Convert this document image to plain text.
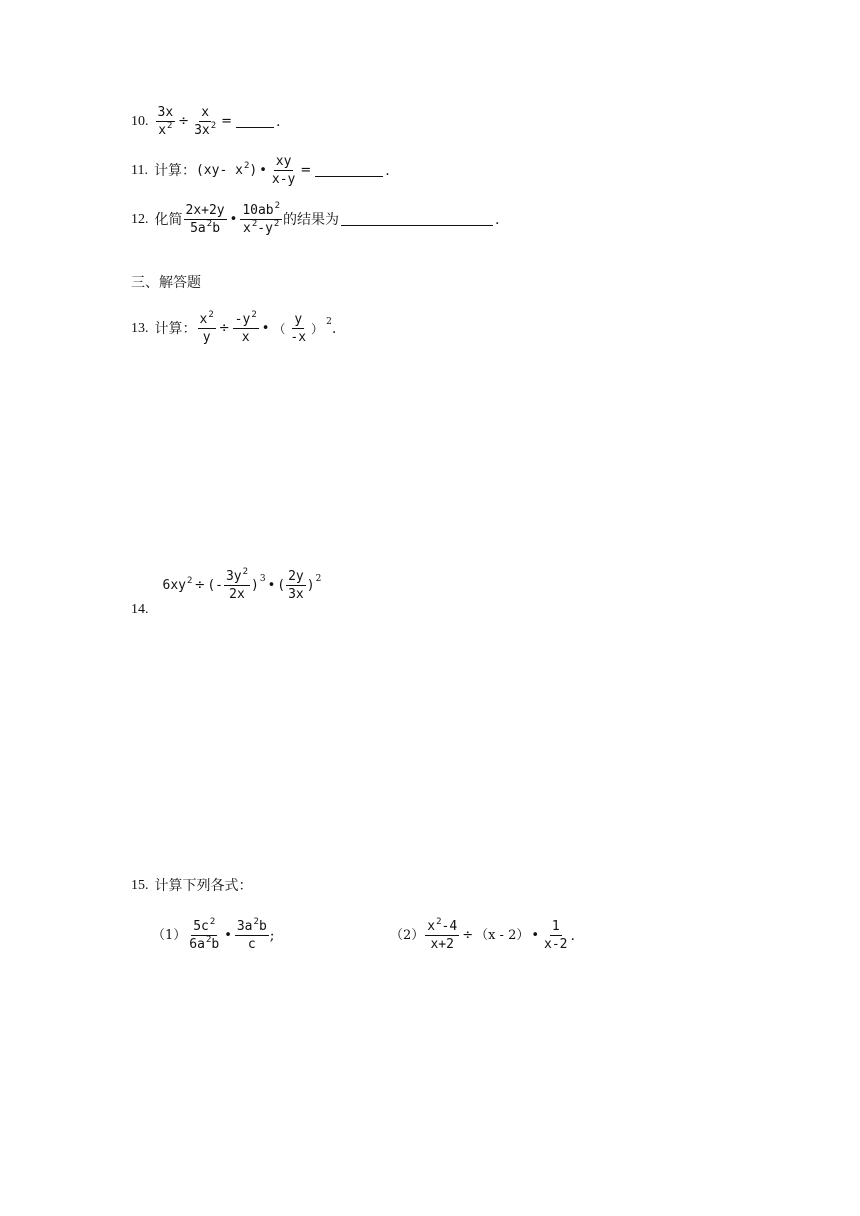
10. $\frac{3x}{x^2} \div \frac{x}{3x^2}$ =	.
11. 计算： (xy- $x^2$) • $\frac{xy}{x-y}$ =	.
12. 化简 $\frac{2x+2y}{5a^2b}$ • $\frac{10ab^2}{x^2-y^2}$ 的结果为	.
三、解答题
13. 计算： $\frac{x^2}{y} \div \frac{-y^2}{x}$ • （ $\frac{y}{-x}$ ） 2 .
14.
$6xy^2$ ÷ (- $\frac{3y^2}{2x}$ ) 3 • ( $\frac{2y}{3x}$ ) 2
15. 计算下列各式：
$(1) \frac{5c^2}{6a^2b}$ • $\frac{3a^2b}{c}$ ;	$(2) \frac{x^2-4}{x+2} \div (x - 2)$ • $\frac{1}{x-2}$ .
